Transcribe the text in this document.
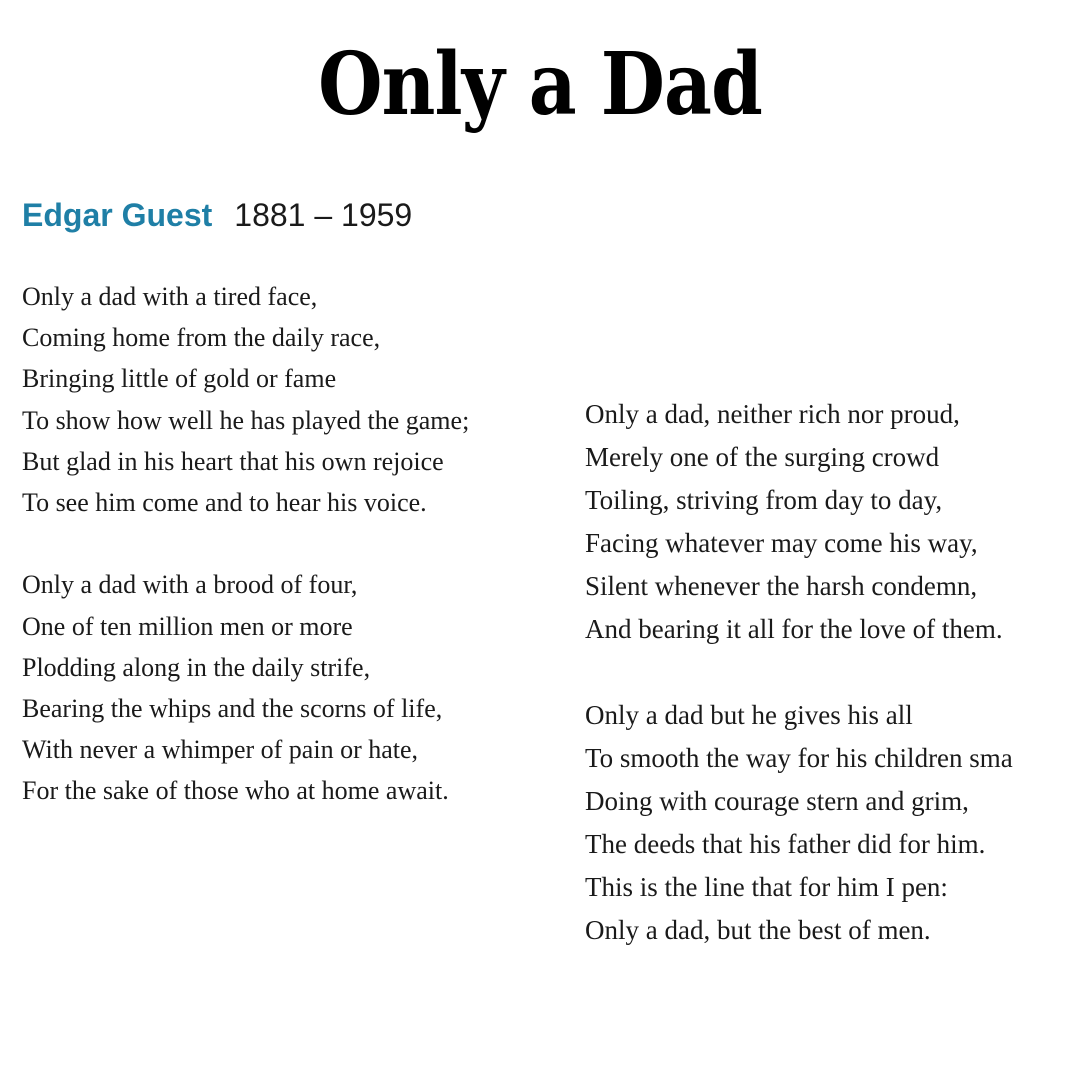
Only a Dad
Edgar Guest 1881 – 1959

Only a dad with a tired face,
Coming home from the daily race,
Bringing little of gold or fame
To show how well he has played the game;
But glad in his heart that his own rejoice
To see him come and to hear his voice.

Only a dad with a brood of four,
One of ten million men or more
Plodding along in the daily strife,
Bearing the whips and the scorns of life,
With never a whimper of pain or hate,
For the sake of those who at home await.

Only a dad, neither rich nor proud,
Merely one of the surging crowd
Toiling, striving from day to day,
Facing whatever may come his way,
Silent whenever the harsh condemn,
And bearing it all for the love of them.

Only a dad but he gives his all
To smooth the way for his children sma
Doing with courage stern and grim,
The deeds that his father did for him.
This is the line that for him I pen:
Only a dad, but the best of men.
